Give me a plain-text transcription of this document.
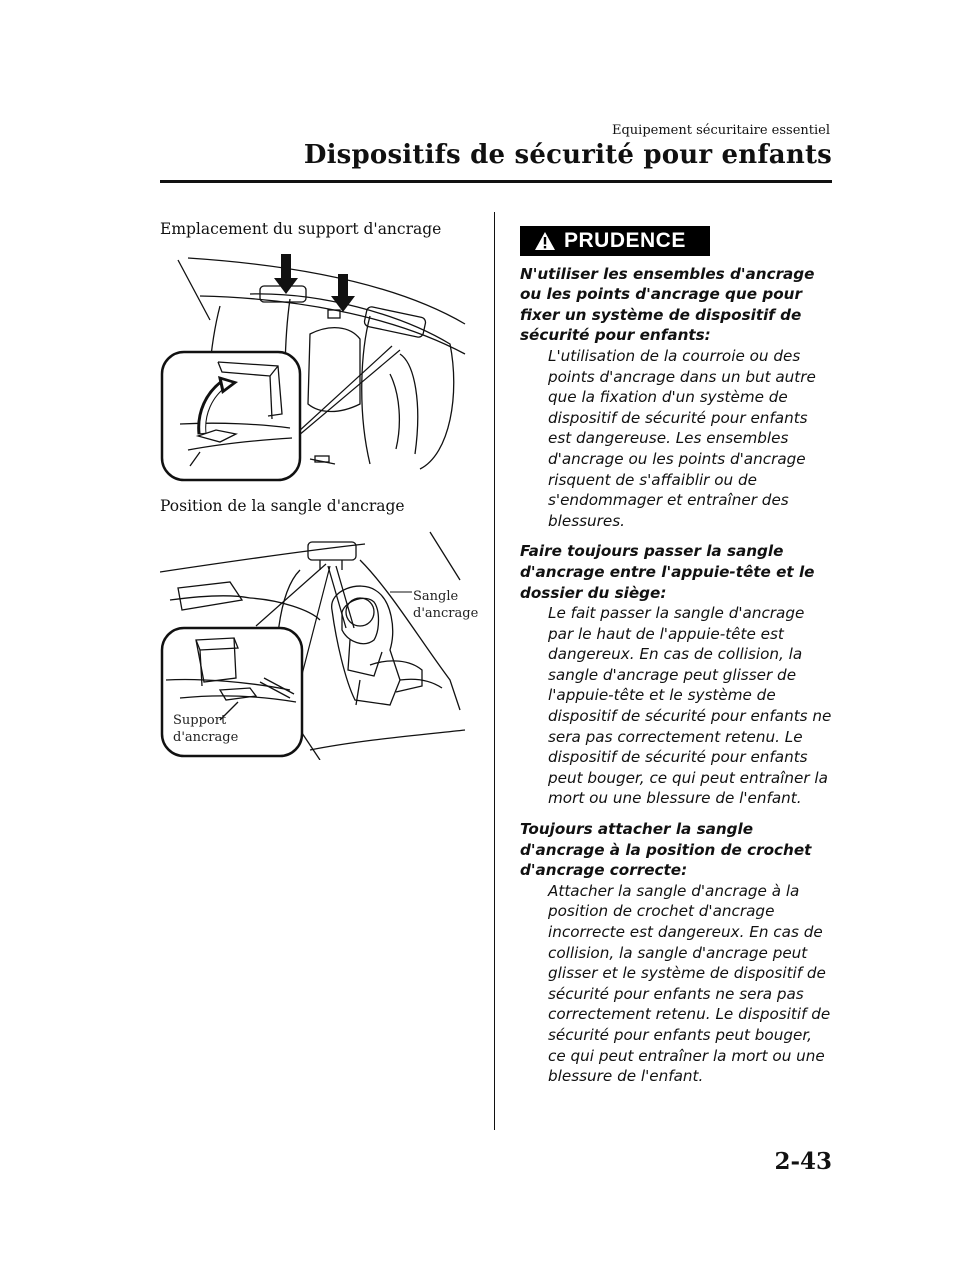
Equipement sécuritaire essentiel
Dispositifs de sécurité pour enfants

Emplacement du support d'ancrage

Position de la sangle d'ancrage

Sangle
d'ancrage
Support
d'ancrage
PRUDENCE

N'utiliser les ensembles d'ancrage ou les points d'ancrage que pour fixer un système de dispositif de sécurité pour enfants:

L'utilisation de la courroie ou des points d'ancrage dans un but autre que la fixation d'un système de dispositif de sécurité pour enfants est dangereuse. Les ensembles d'ancrage ou les points d'ancrage risquent de s'affaiblir ou de s'endommager et entraîner des blessures.

Faire toujours passer la sangle d'ancrage entre l'appuie-tête et le dossier du siège:

Le fait passer la sangle d'ancrage par le haut de l'appuie-tête est dangereux. En cas de collision, la sangle d'ancrage peut glisser de l'appuie-tête et le système de dispositif de sécurité pour enfants ne sera pas correctement retenu. Le dispositif de sécurité pour enfants peut bouger, ce qui peut entraîner la mort ou une blessure de l'enfant.

Toujours attacher la sangle d'ancrage à la position de crochet d'ancrage correcte:

Attacher la sangle d'ancrage à la position de crochet d'ancrage incorrecte est dangereux. En cas de collision, la sangle d'ancrage peut glisser et le système de dispositif de sécurité pour enfants ne sera pas correctement retenu. Le dispositif de sécurité pour enfants peut bouger, ce qui peut entraîner la mort ou une blessure de l'enfant.

2-43
